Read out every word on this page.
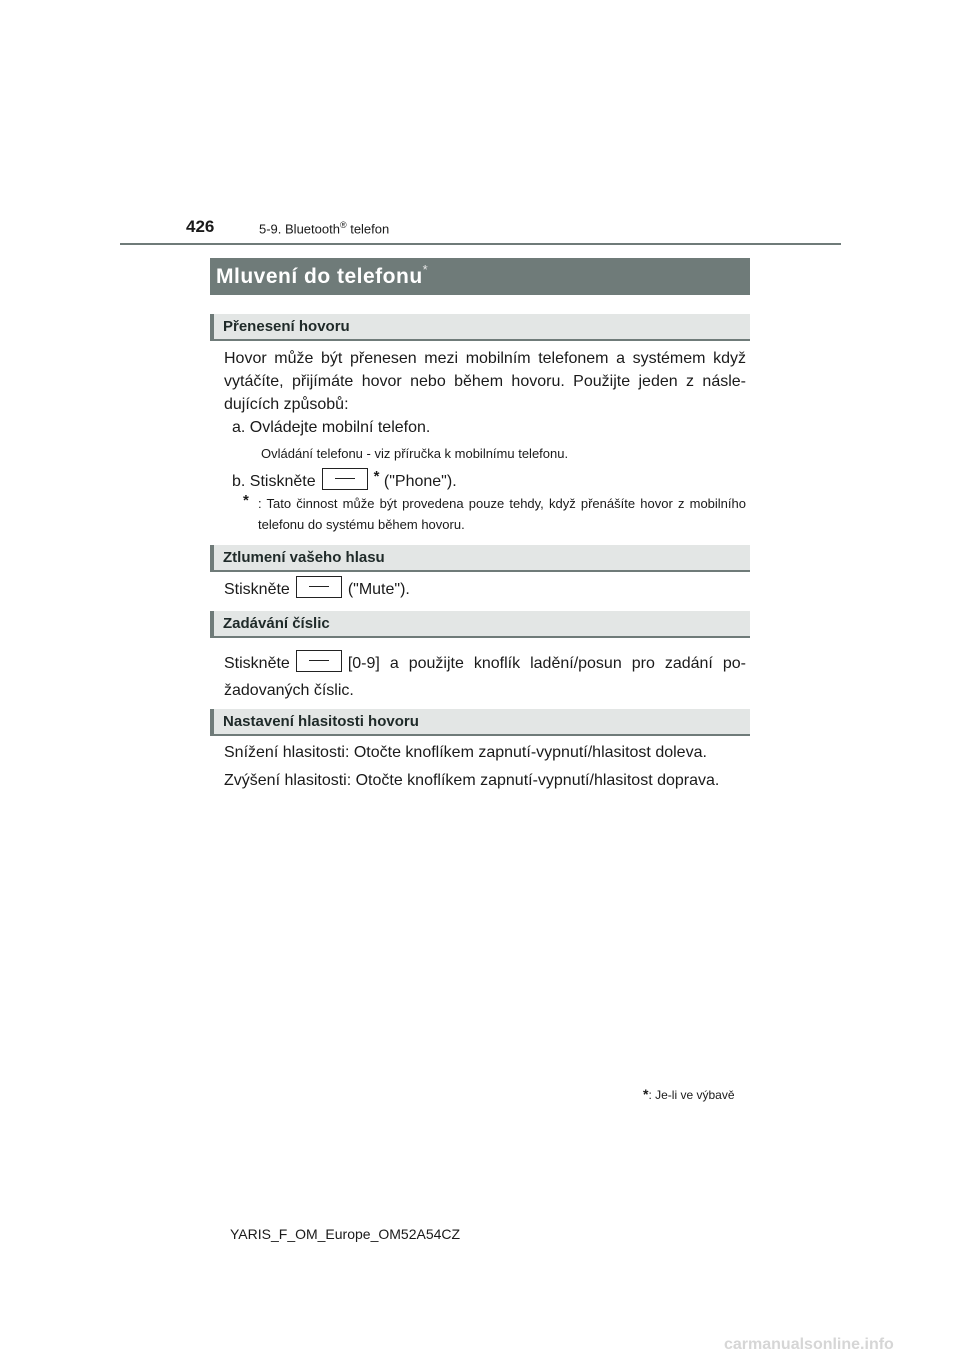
426	5-9. Bluetooth® telefon
Mluvení do telefonu*
Přenesení hovoru
Hovor může být přenesen mezi mobilním telefonem a systémem když vytáčíte, přijímáte hovor nebo během hovoru. Použijte jeden z následujících způsobů:
a. Ovládejte mobilní telefon.
Ovládání telefonu - viz příručka k mobilnímu telefonu.
b. Stiskněte	* ("Phone").
* : Tato činnost může být provedena pouze tehdy, když přenášíte hovor z mobilního telefonu do systému během hovoru.
Ztlumení vašeho hlasu
Stiskněte	("Mute").
Zadávání číslic
Stiskněte	[0-9] a použijte knoflík ladění/posun pro zadání požadovaných číslic.
Nastavení hlasitosti hovoru
Snížení hlasitosti: Otočte knoflíkem zapnutí-vypnutí/hlasitost doleva.
Zvýšení hlasitosti: Otočte knoflíkem zapnutí-vypnutí/hlasitost doprava.
*: Je-li ve výbavě
YARIS_F_OM_Europe_OM52A54CZ
carmanualsonline.info
